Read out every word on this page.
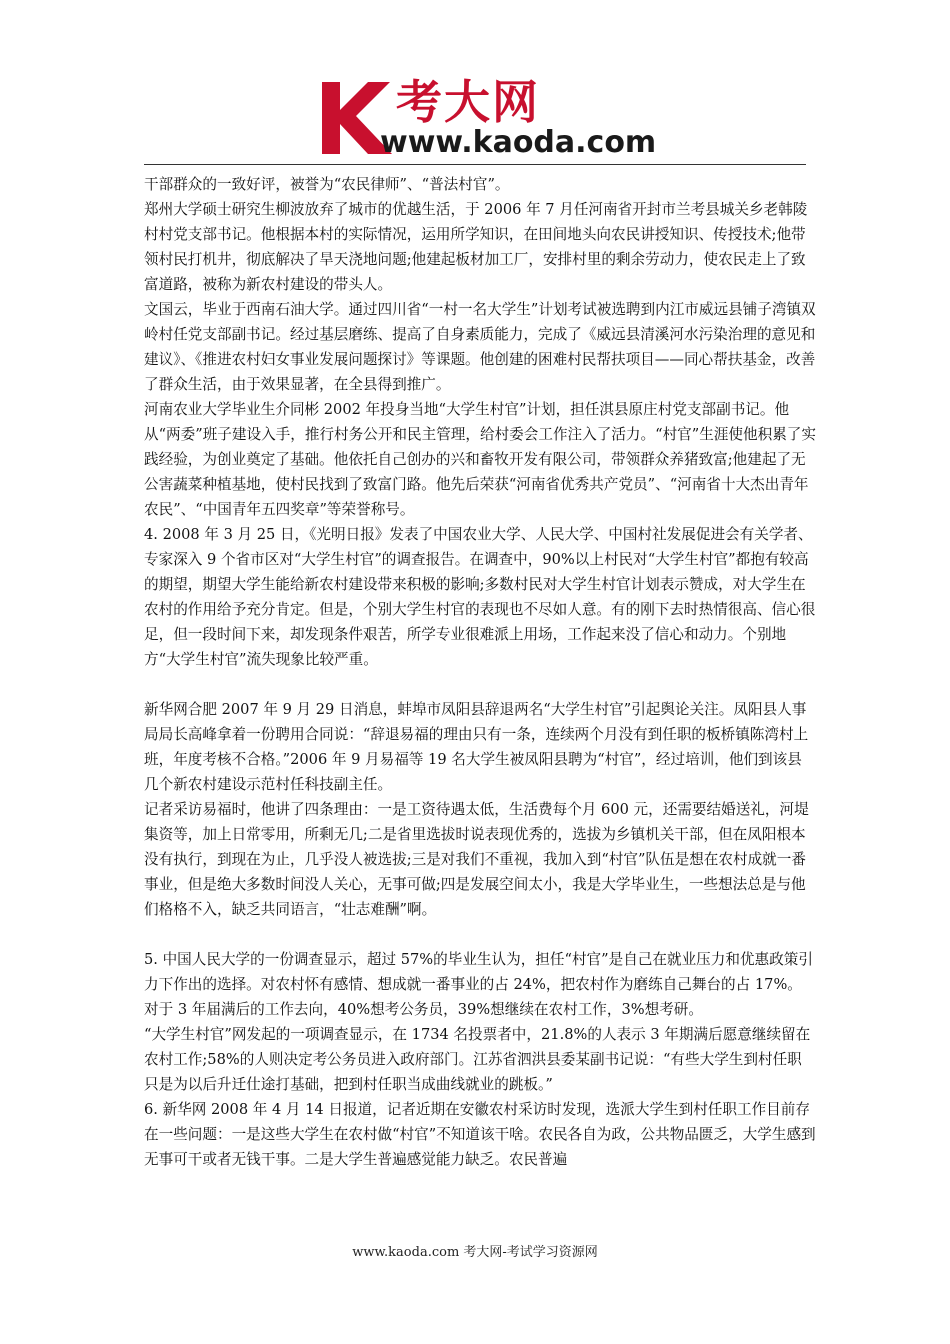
考大网
www.kaoda.com

干部群众的一致好评，被誉为“农民律师”、“普法村官”。

郑州大学硕士研究生柳波放弃了城市的优越生活，于 2006 年 7 月任河南省开封市兰考县城关乡老韩陵村村党支部书记。他根据本村的实际情况，运用所学知识，在田间地头向农民讲授知识、传授技术;他带领村民打机井，彻底解决了旱天浇地问题;他建起板材加工厂，安排村里的剩余劳动力，使农民走上了致富道路，被称为新农村建设的带头人。

文国云，毕业于西南石油大学。通过四川省“一村一名大学生”计划考试被选聘到内江市威远县铺子湾镇双岭村任党支部副书记。经过基层磨练、提高了自身素质能力，完成了《威远县清溪河水污染治理的意见和建议》、《推进农村妇女事业发展问题探讨》等课题。他创建的困难村民帮扶项目——同心帮扶基金，改善了群众生活，由于效果显著，在全县得到推广。

河南农业大学毕业生介同彬 2002 年投身当地“大学生村官”计划，担任淇县原庄村党支部副书记。他从“两委”班子建设入手，推行村务公开和民主管理，给村委会工作注入了活力。“村官”生涯使他积累了实践经验，为创业奠定了基础。他依托自己创办的兴和畜牧开发有限公司，带领群众养猪致富;他建起了无公害蔬菜种植基地，使村民找到了致富门路。他先后荣获“河南省优秀共产党员”、“河南省十大杰出青年农民”、“中国青年五四奖章”等荣誉称号。

4. 2008 年 3 月 25 日，《光明日报》发表了中国农业大学、人民大学、中国村社发展促进会有关学者、专家深入 9 个省市区对“大学生村官”的调查报告。在调查中，90%以上村民对“大学生村官”都抱有较高的期望，期望大学生能给新农村建设带来积极的影响;多数村民对大学生村官计划表示赞成，对大学生在农村的作用给予充分肯定。但是，个别大学生村官的表现也不尽如人意。有的刚下去时热情很高、信心很足，但一段时间下来，却发现条件艰苦，所学专业很难派上用场，工作起来没了信心和动力。个别地方“大学生村官”流失现象比较严重。

新华网合肥 2007 年 9 月 29 日消息，蚌埠市凤阳县辞退两名“大学生村官”引起舆论关注。凤阳县人事局局长高峰拿着一份聘用合同说：“辞退易福的理由只有一条，连续两个月没有到任职的板桥镇陈湾村上班，年度考核不合格。”2006 年 9 月易福等 19 名大学生被凤阳县聘为“村官”，经过培训，他们到该县几个新农村建设示范村任科技副主任。

记者采访易福时，他讲了四条理由：一是工资待遇太低，生活费每个月 600 元，还需要结婚送礼，河堤集资等，加上日常零用，所剩无几;二是省里选拔时说表现优秀的，选拔为乡镇机关干部，但在凤阳根本没有执行，到现在为止，几乎没人被选拔;三是对我们不重视，我加入到“村官”队伍是想在农村成就一番事业，但是绝大多数时间没人关心，无事可做;四是发展空间太小，我是大学毕业生，一些想法总是与他们格格不入，缺乏共同语言，“壮志难酬”啊。

5. 中国人民大学的一份调查显示，超过 57%的毕业生认为，担任“村官”是自己在就业压力和优惠政策引力下作出的选择。对农村怀有感情、想成就一番事业的占 24%，把农村作为磨练自己舞台的占 17%。对于 3 年届满后的工作去向，40%想考公务员，39%想继续在农村工作，3%想考研。

“大学生村官”网发起的一项调查显示，在 1734 名投票者中，21.8%的人表示 3 年期满后愿意继续留在农村工作;58%的人则决定考公务员进入政府部门。江苏省泗洪县委某副书记说：“有些大学生到村任职只是为以后升迁仕途打基础，把到村任职当成曲线就业的跳板。”

6. 新华网 2008 年 4 月 14 日报道，记者近期在安徽农村采访时发现，选派大学生到村任职工作目前存在一些问题：一是这些大学生在农村做“村官”不知道该干啥。农民各自为政，公共物品匮乏，大学生感到无事可干或者无钱干事。二是大学生普遍感觉能力缺乏。农民普遍

www.kaoda.com 考大网-考试学习资源网
